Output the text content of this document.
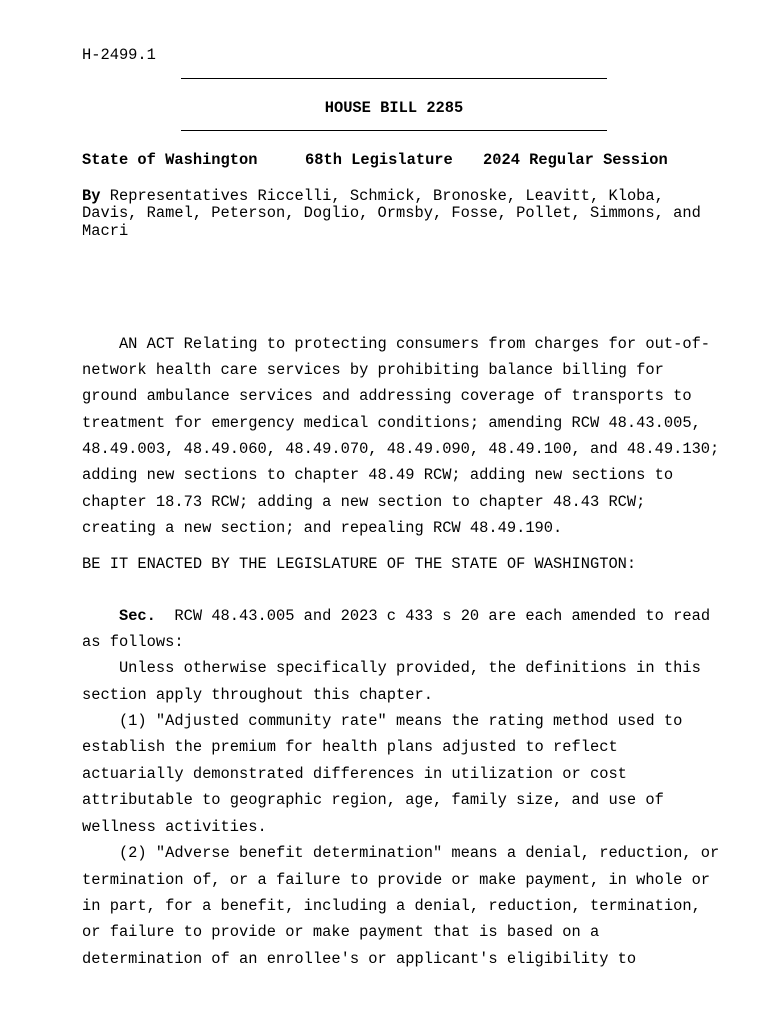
H-2499.1
HOUSE BILL 2285
State of Washington	68th Legislature 2024 Regular Session
By Representatives Riccelli, Schmick, Bronoske, Leavitt, Kloba,
Davis, Ramel, Peterson, Doglio, Ormsby, Fosse, Pollet, Simmons, and
Macri
AN ACT Relating to protecting consumers from charges for out-of-
network health care services by prohibiting balance billing for
ground ambulance services and addressing coverage of transports to
treatment for emergency medical conditions; amending RCW 48.43.005,
48.49.003, 48.49.060, 48.49.070, 48.49.090, 48.49.100, and 48.49.130;
adding new sections to chapter 48.49 RCW; adding new sections to
chapter 18.73 RCW; adding a new section to chapter 48.43 RCW;
creating a new section; and repealing RCW 48.49.190.
BE IT ENACTED BY THE LEGISLATURE OF THE STATE OF WASHINGTON:
Sec.  RCW 48.43.005 and 2023 c 433 s 20 are each amended to read
as follows:
Unless otherwise specifically provided, the definitions in this
section apply throughout this chapter.
(1) "Adjusted community rate" means the rating method used to
establish the premium for health plans adjusted to reflect
actuarially demonstrated differences in utilization or cost
attributable to geographic region, age, family size, and use of
wellness activities.
(2) "Adverse benefit determination" means a denial, reduction, or
termination of, or a failure to provide or make payment, in whole or
in part, for a benefit, including a denial, reduction, termination,
or failure to provide or make payment that is based on a
determination of an enrollee's or applicant's eligibility to
